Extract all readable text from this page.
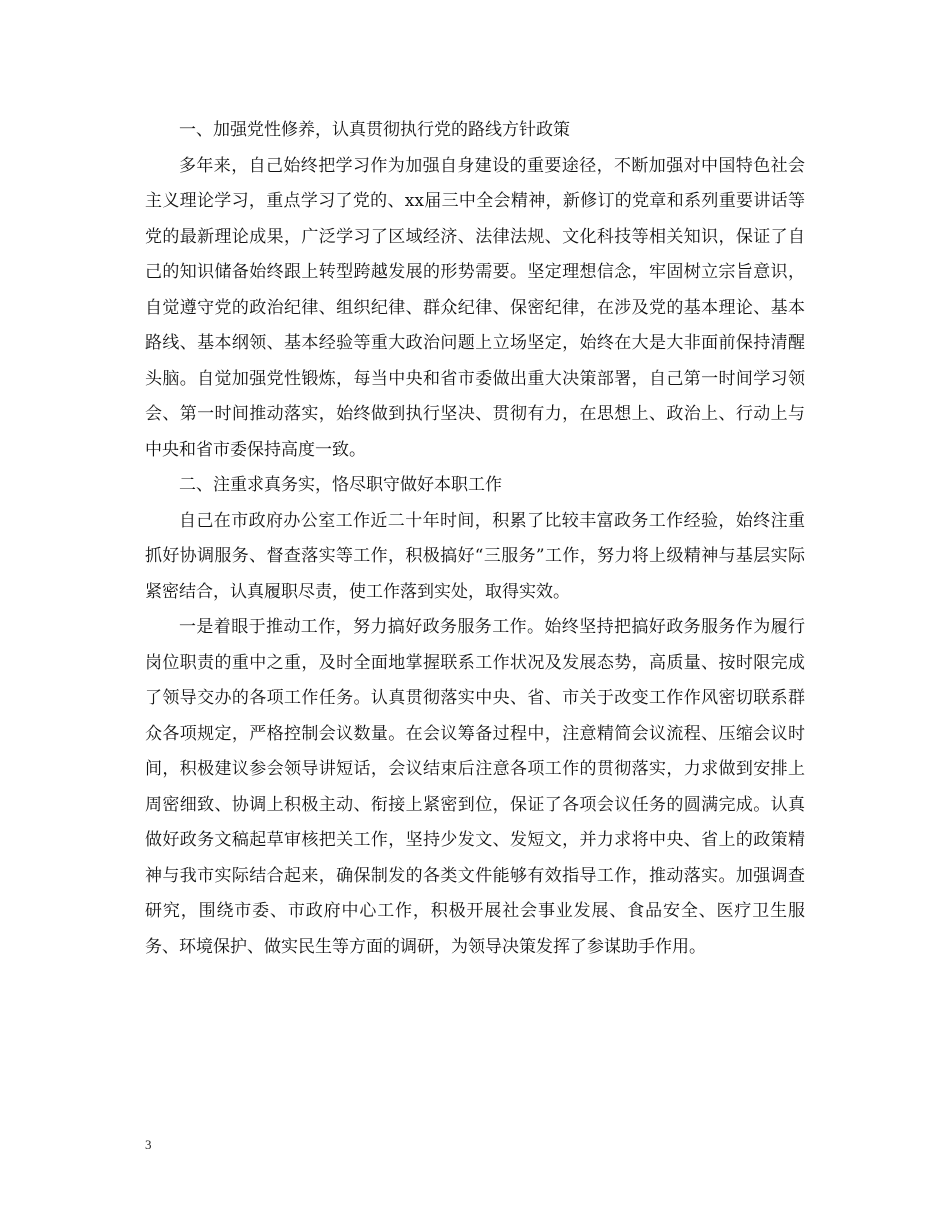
一、加强党性修养，认真贯彻执行党的路线方针政策

多年来，自己始终把学习作为加强自身建设的重要途径，不断加强对中国特色社会主义理论学习，重点学习了党的、xx届三中全会精神，新修订的党章和系列重要讲话等党的最新理论成果，广泛学习了区域经济、法律法规、文化科技等相关知识，保证了自己的知识储备始终跟上转型跨越发展的形势需要。坚定理想信念，牢固树立宗旨意识，自觉遵守党的政治纪律、组织纪律、群众纪律、保密纪律，在涉及党的基本理论、基本路线、基本纲领、基本经验等重大政治问题上立场坚定，始终在大是大非面前保持清醒头脑。自觉加强党性锻炼，每当中央和省市委做出重大决策部署，自己第一时间学习领会、第一时间推动落实，始终做到执行坚决、贯彻有力，在思想上、政治上、行动上与中央和省市委保持高度一致。

二、注重求真务实，恪尽职守做好本职工作

自己在市政府办公室工作近二十年时间，积累了比较丰富政务工作经验，始终注重抓好协调服务、督查落实等工作，积极搞好“三服务”工作，努力将上级精神与基层实际紧密结合，认真履职尽责，使工作落到实处，取得实效。

一是着眼于推动工作，努力搞好政务服务工作。始终坚持把搞好政务服务作为履行岗位职责的重中之重，及时全面地掌握联系工作状况及发展态势，高质量、按时限完成了领导交办的各项工作任务。认真贯彻落实中央、省、市关于改变工作作风密切联系群众各项规定，严格控制会议数量。在会议筹备过程中，注意精简会议流程、压缩会议时间，积极建议参会领导讲短话，会议结束后注意各项工作的贯彻落实，力求做到安排上周密细致、协调上积极主动、衔接上紧密到位，保证了各项会议任务的圆满完成。认真做好政务文稿起草审核把关工作，坚持少发文、发短文，并力求将中央、省上的政策精神与我市实际结合起来，确保制发的各类文件能够有效指导工作，推动落实。加强调查研究，围绕市委、市政府中心工作，积极开展社会事业发展、食品安全、医疗卫生服务、环境保护、做实民生等方面的调研，为领导决策发挥了参谋助手作用。

3
